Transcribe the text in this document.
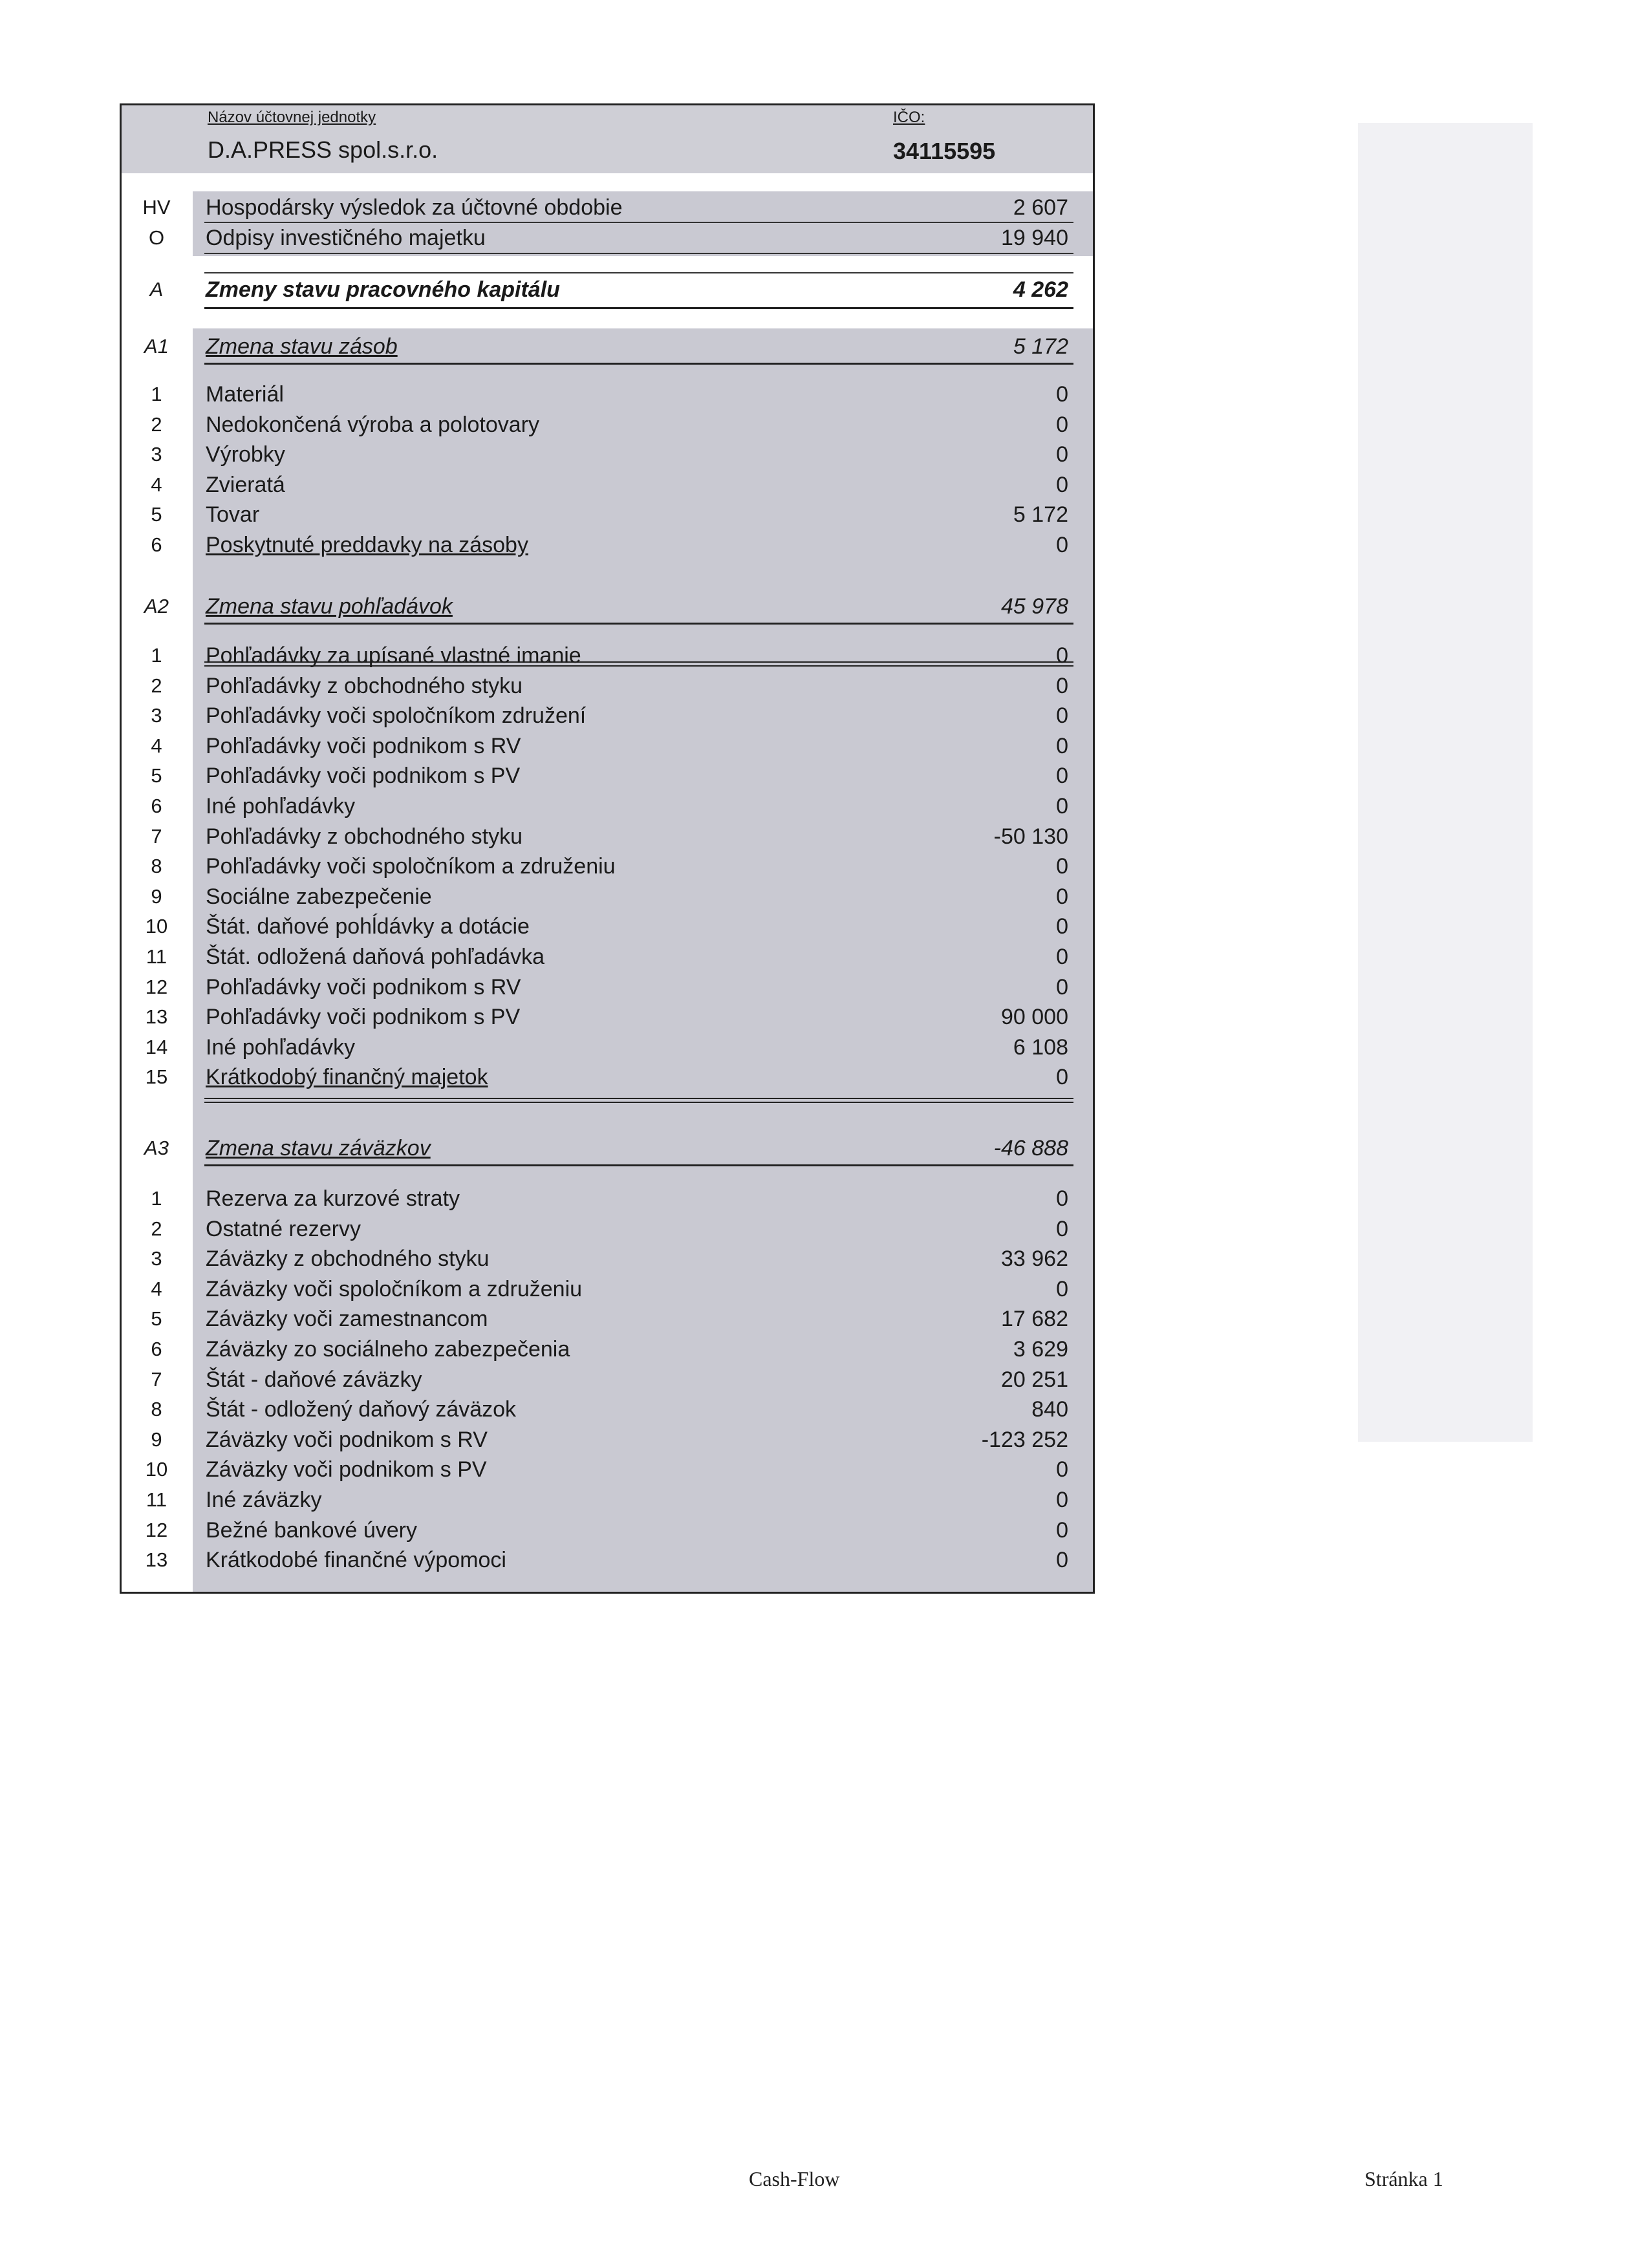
Názov účtovnej jednotky
D.A.PRESS spol.s.r.o.
IČO:
34115595
HV	Hospodársky výsledok za účtovné obdobie	2 607
O	Odpisy investičného majetku	19 940
A	Zmeny stavu pracovného kapitálu	4 262
A1	Zmena stavu zásob	5 172
1	Materiál	0
2	Nedokončená výroba a polotovary	0
3	Výrobky	0
4	Zvieratá	0
5	Tovar	5 172
6	Poskytnuté preddavky na zásoby	0
A2	Zmena stavu pohľadávok	45 978
1	Pohľadávky za upísané vlastné imanie	0
2	Pohľadávky z obchodného styku	0
3	Pohľadávky voči spoločníkom združení	0
4	Pohľadávky voči podnikom s RV	0
5	Pohľadávky voči podnikom s PV	0
6	Iné pohľadávky	0
7	Pohľadávky z obchodného styku	-50 130
8	Pohľadávky voči spoločníkom a združeniu	0
9	Sociálne zabezpečenie	0
10	Štát. daňové pohĺdávky a dotácie	0
11	Štát. odložená daňová pohľadávka	0
12	Pohľadávky voči podnikom s RV	0
13	Pohľadávky voči podnikom s PV	90 000
14	Iné pohľadávky	6 108
15	Krátkodobý finančný majetok	0
A3	Zmena stavu záväzkov	-46 888
1	Rezerva za kurzové straty	0
2	Ostatné rezervy	0
3	Záväzky z obchodného styku	33 962
4	Záväzky voči spoločníkom a združeniu	0
5	Záväzky voči zamestnancom	17 682
6	Záväzky zo sociálneho zabezpečenia	3 629
7	Štát - daňové záväzky	20 251
8	Štát - odložený daňový záväzok	840
9	Záväzky voči podnikom s RV	-123 252
10	Záväzky voči podnikom s PV	0
11	Iné záväzky	0
12	Bežné bankové úvery	0
13	Krátkodobé finančné výpomoci	0
Cash-Flow	Stránka 1
